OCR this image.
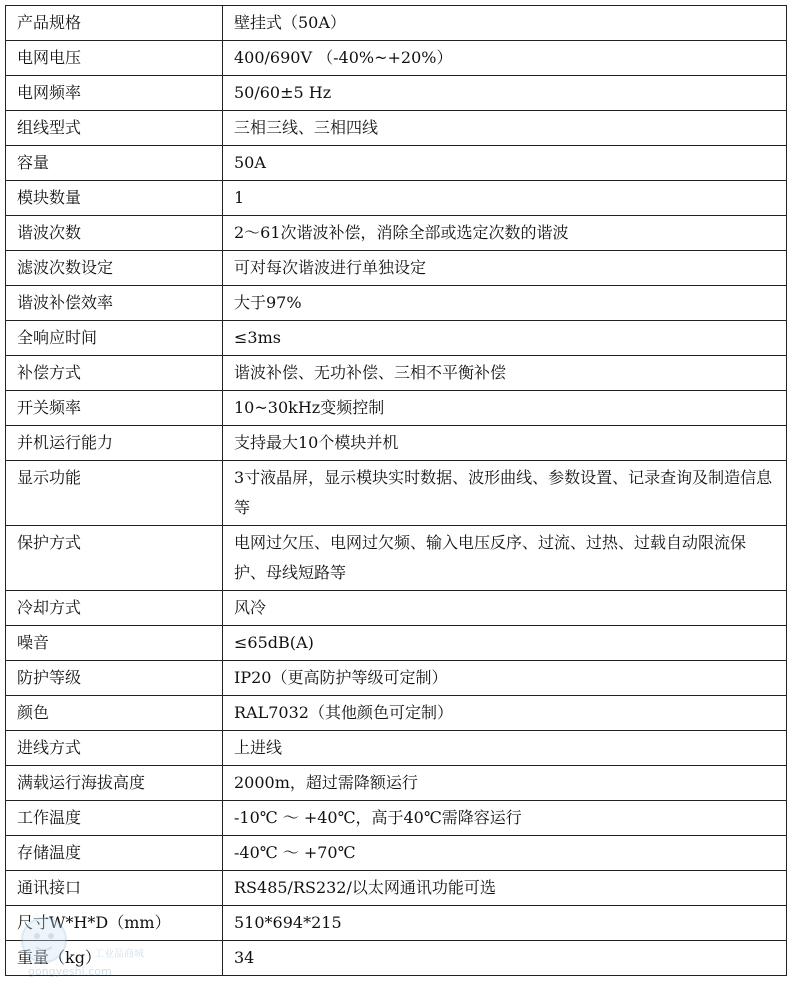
产品规格	壁挂式（50A）
电网电压	400/690V （-40%~+20%）
电网频率	50/60±5 Hz
组线型式	三相三线、三相四线
容量	50A
模块数量	1
谐波次数	2～61次谐波补偿，消除全部或选定次数的谐波
滤波次数设定	可对每次谐波进行单独设定
谐波补偿效率	大于97%
全响应时间	≤3ms
补偿方式	谐波补偿、无功补偿、三相不平衡补偿
开关频率	10~30kHz变频控制
并机运行能力	支持最大10个模块并机
显示功能	3寸液晶屏，显示模块实时数据、波形曲线、参数设置、记录查询及制造信息等
保护方式	电网过欠压、电网过欠频、输入电压反序、过流、过热、过载自动限流保护、母线短路等
冷却方式	风冷
噪音	≤65dB(A)
防护等级	IP20（更高防护等级可定制）
颜色	RAL7032（其他颜色可定制）
进线方式	上进线
满载运行海拔高度	2000m，超过需降额运行
工作温度	-10℃ ～ +40℃，高于40℃需降容运行
存储温度	-40℃ ～ +70℃
通讯接口	RS485/RS232/以太网通讯功能可选
尺寸W*H*D（mm）	510*694*215
重量（kg）	34
工业品商城
gongyeshi.com
